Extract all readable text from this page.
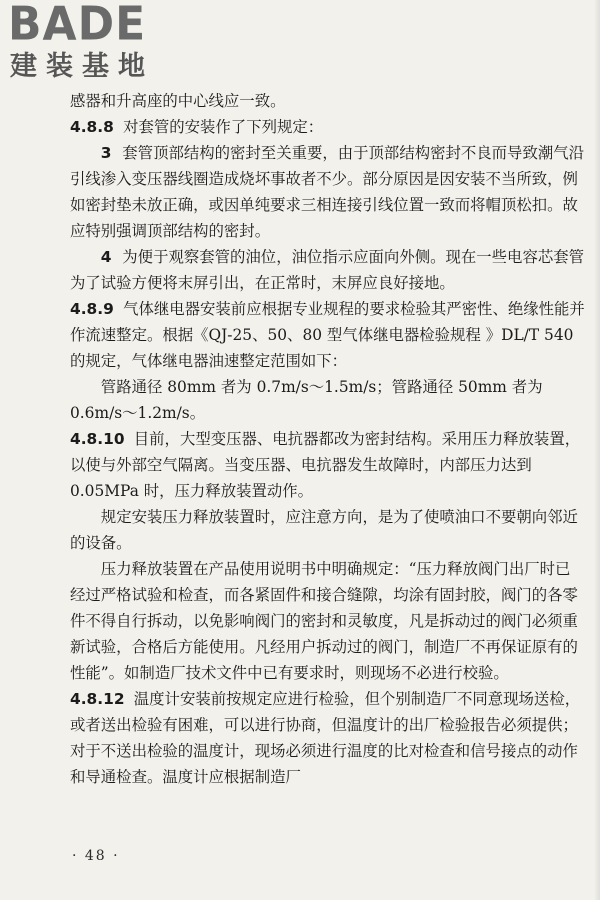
BADE
建装基地

感器和升高座的中心线应一致。

4.8.8 对套管的安装作了下列规定：

3 套管顶部结构的密封至关重要，由于顶部结构密封不良而导致潮气沿引线渗入变压器线圈造成烧坏事故者不少。部分原因是因安装不当所致，例如密封垫未放正确，或因单纯要求三相连接引线位置一致而将帽顶松扣。故应特别强调顶部结构的密封。

4 为便于观察套管的油位，油位指示应面向外侧。现在一些电容芯套管为了试验方便将末屏引出，在正常时，末屏应良好接地。

4.8.9 气体继电器安装前应根据专业规程的要求检验其严密性、绝缘性能并作流速整定。根据《QJ-25、50、80 型气体继电器检验规程 》DL/T 540 的规定，气体继电器油速整定范围如下：

管路通径 80mm 者为 0.7m/s～1.5m/s；管路通径 50mm 者为 0.6m/s～1.2m/s。

4.8.10 目前，大型变压器、电抗器都改为密封结构。采用压力释放装置，以使与外部空气隔离。当变压器、电抗器发生故障时，内部压力达到 0.05MPa 时，压力释放装置动作。

规定安装压力释放装置时，应注意方向，是为了使喷油口不要朝向邻近的设备。

压力释放装置在产品使用说明书中明确规定：“压力释放阀门出厂时已经过严格试验和检查，而各紧固件和接合缝隙，均涂有固封胶，阀门的各零件不得自行拆动，以免影响阀门的密封和灵敏度，凡是拆动过的阀门必须重新试验，合格后方能使用。凡经用户拆动过的阀门，制造厂不再保证原有的性能”。如制造厂技术文件中已有要求时，则现场不必进行校验。

4.8.12 温度计安装前按规定应进行检验，但个别制造厂不同意现场送检，或者送出检验有困难，可以进行协商，但温度计的出厂检验报告必须提供；对于不送出检验的温度计，现场必须进行温度的比对检查和信号接点的动作和导通检查。温度计应根据制造厂

· 48 ·
